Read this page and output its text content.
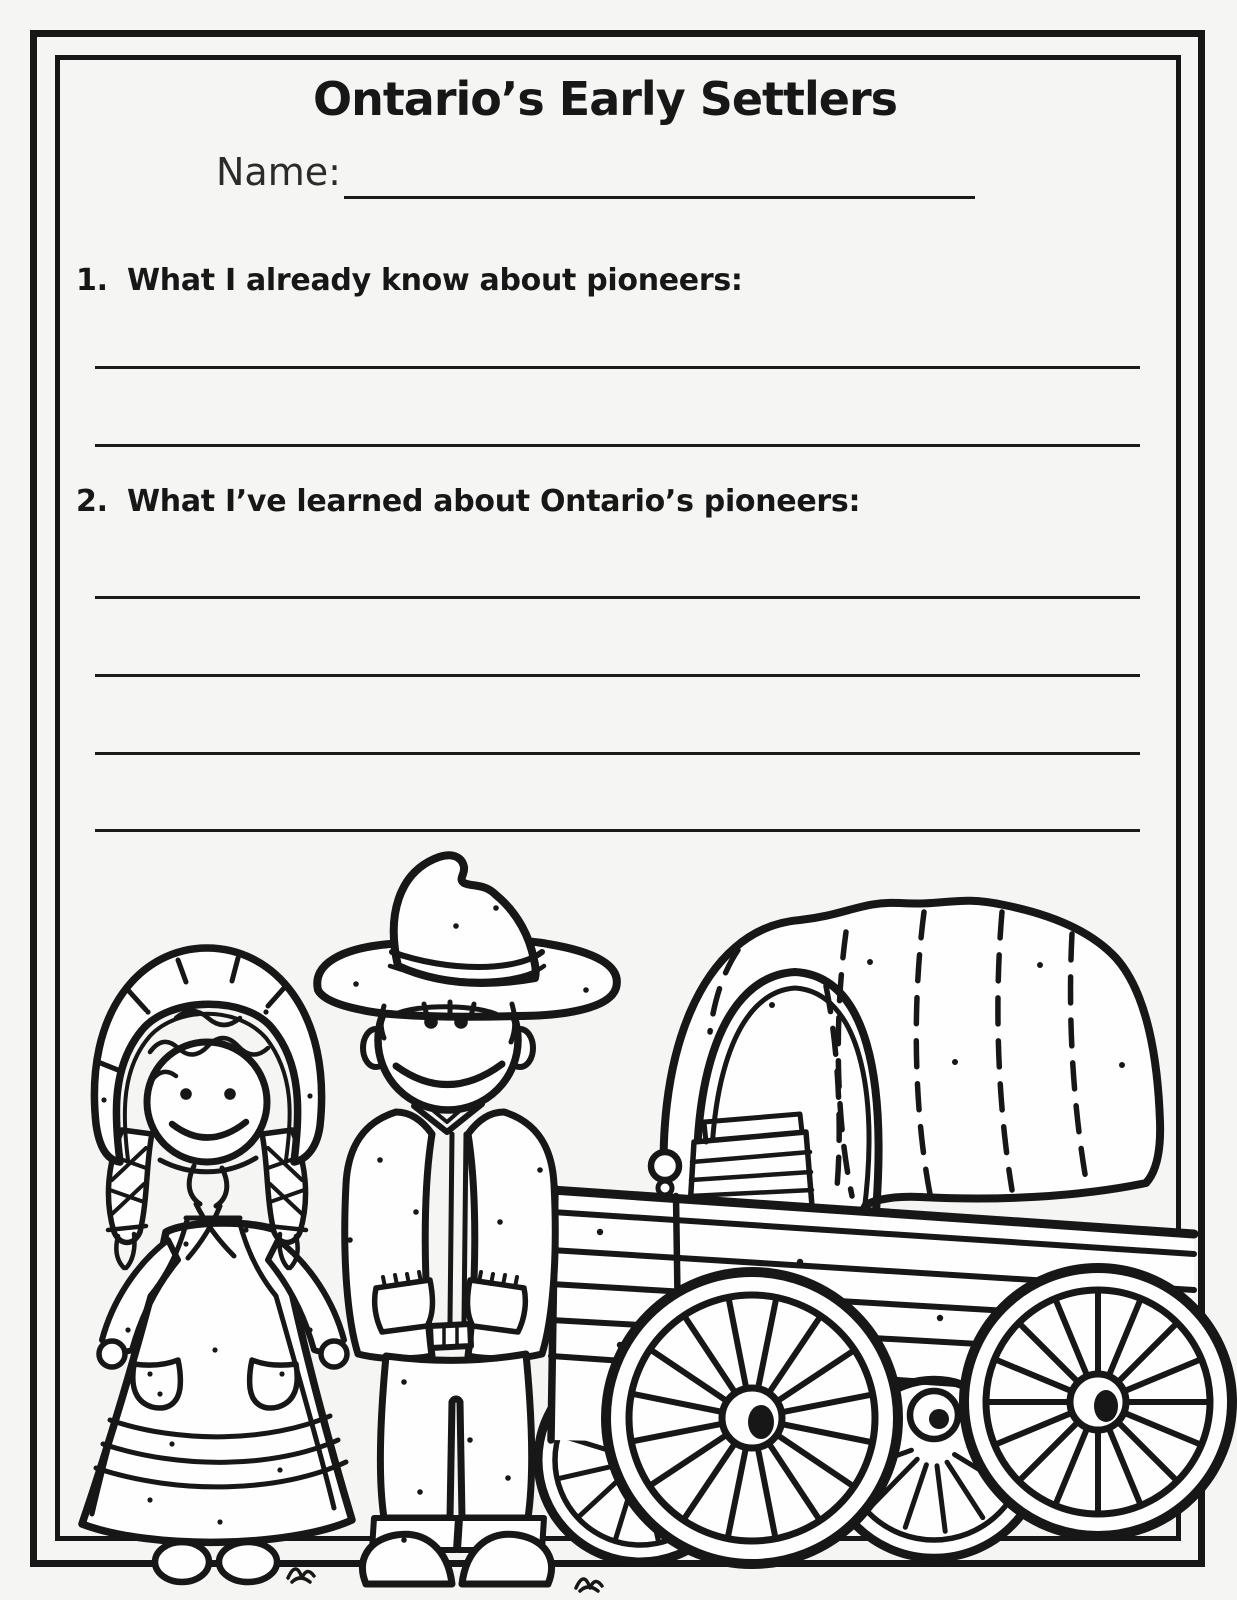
Ontario’s Early Settlers
Name:
1. What I already know about pioneers:
2. What I’ve learned about Ontario’s pioneers:
